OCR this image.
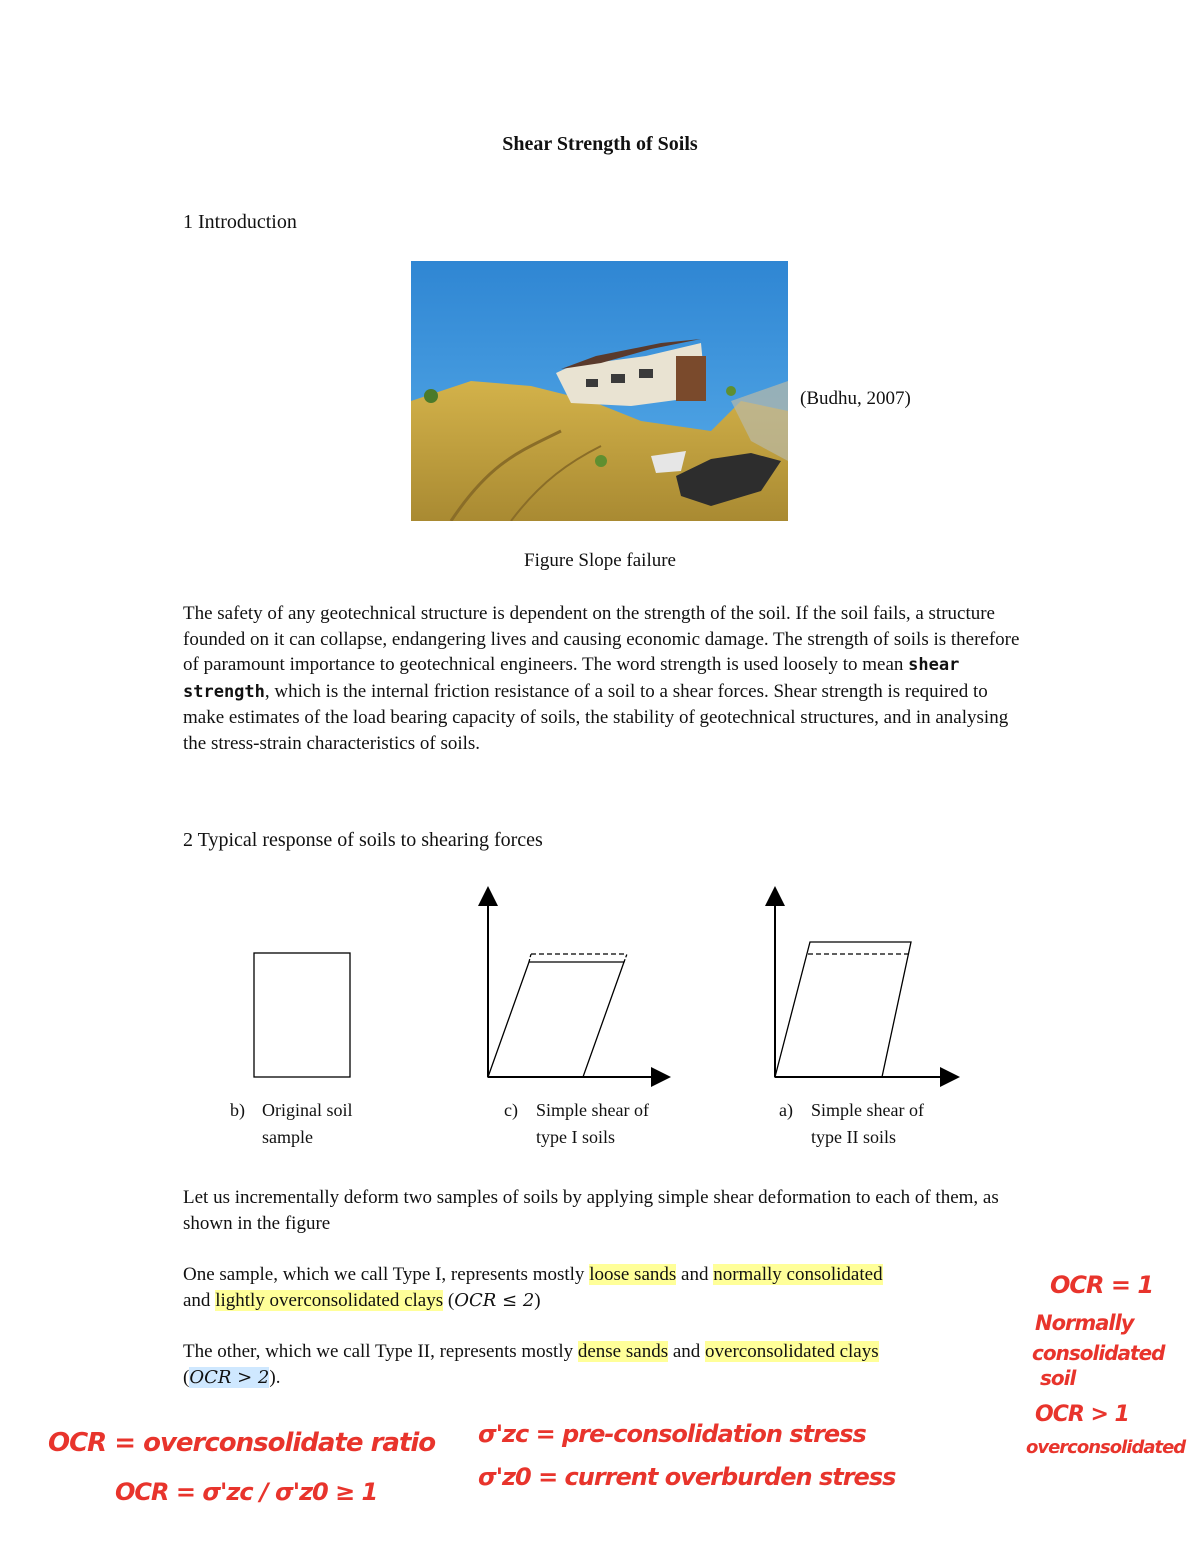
Shear Strength of Soils
1 Introduction
(Budhu, 2007)
Figure Slope failure
The safety of any geotechnical structure is dependent on the strength of the soil. If the soil fails, a structure founded on it can collapse, endangering lives and causing economic damage. The strength of soils is therefore of paramount importance to geotechnical engineers. The word strength is used loosely to mean shear strength, which is the internal friction resistance of a soil to a shear forces. Shear strength is required to make estimates of the load bearing capacity of soils, the stability of geotechnical structures, and in analysing the stress-strain characteristics of soils.
2 Typical response of soils to shearing forces
b) Original soil sample
c) Simple shear of type I soils
a) Simple shear of type II soils
Let us incrementally deform two samples of soils by applying simple shear deformation to each of them, as shown in the figure
One sample, which we call Type I, represents mostly loose sands and normally consolidated
and lightly overconsolidated clays (OCR ≤ 2)
The other, which we call Type II, represents mostly dense sands and overconsolidated clays
(OCR > 2).
OCR = overconsolidate ratio
OCR = σ'zc / σ'z0 ≥ 1
σ'zc = pre-consolidation stress
σ'z0 = current overburden stress
OCR = 1
Normally
consolidated
soil
OCR > 1
overconsolidated
